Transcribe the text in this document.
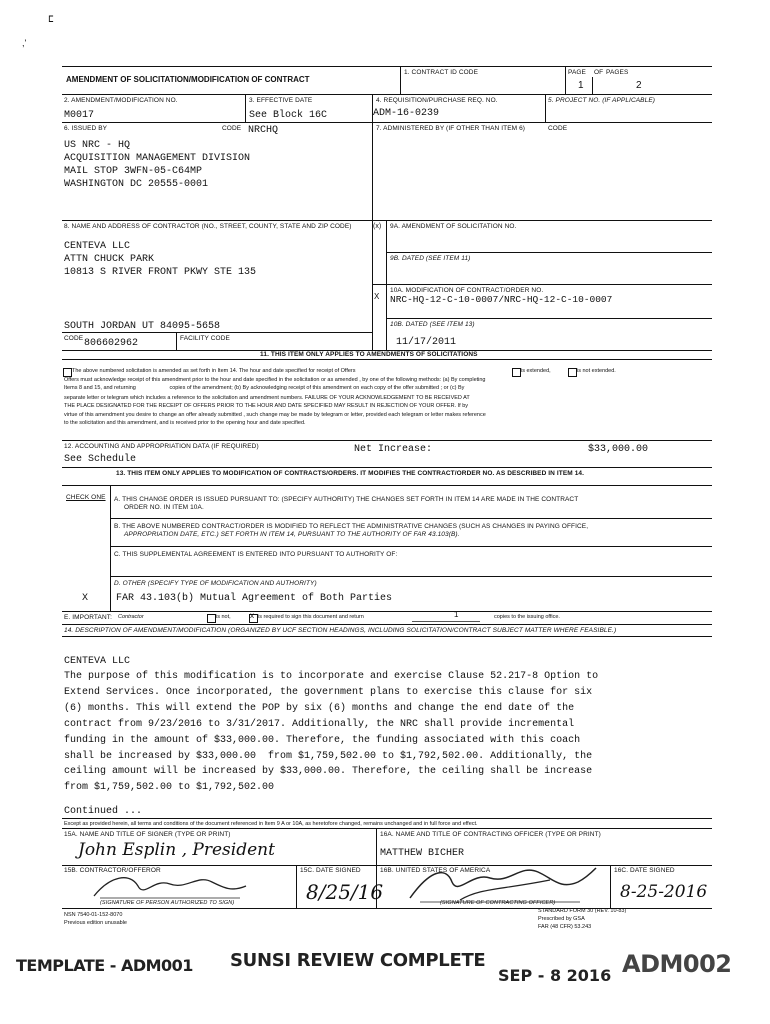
ⵎ
,'
AMENDMENT OF SOLICITATION/MODIFICATION OF CONTRACT
1. CONTRACT ID CODE	PAGE OF PAGES
1	2
2. AMENDMENT/MODIFICATION NO.
M0017
3. EFFECTIVE DATE
See Block 16C
4. REQUISITION/PURCHASE REQ. NO.
ADM-16-0239
5. PROJECT NO. (IF APPLICABLE)
6. ISSUED BY	CODE NRCHQ	7. ADMINISTERED BY (IF OTHER THAN ITEM 6)	CODE
US NRC - HQ
ACQUISITION MANAGEMENT DIVISION
MAIL STOP 3WFN-05-C64MP
WASHINGTON DC 20555-0001
8. NAME AND ADDRESS OF CONTRACTOR (NO., STREET, COUNTY, STATE AND ZIP CODE)
CENTEVA LLC
ATTN CHUCK PARK
10813 S RIVER FRONT PKWY STE 135
SOUTH JORDAN UT 84095-5658
CODE 806602962	FACILITY CODE
(x) 9A. AMENDMENT OF SOLICITATION NO.
9B. DATED (SEE ITEM 11)
X
10A. MODIFICATION OF CONTRACT/ORDER NO.
NRC-HQ-12-C-10-0007/NRC-HQ-12-C-10-0007
10B. DATED (SEE ITEM 13)
11/17/2011
11. THIS ITEM ONLY APPLIES TO AMENDMENTS OF SOLICITATIONS
The above numbered solicitation is amended as set forth in Item 14. The hour and date specified for receipt of Offers	is extended,	is not extended.
Offers must acknowledge receipt of this amendment prior to the hour and date specified in the solicitation or as amended , by one of the following methods: (a) By completing
Items 8 and 15, and returning                      copies of the amendment; (b) By acknowledging receipt of this amendment on each copy of the offer submitted ; or (c) By
separate letter or telegram which includes a reference to the solicitation and amendment numbers. FAILURE OF YOUR ACKNOWLEDGEMENT TO BE RECEIVED AT
THE PLACE DESIGNATED FOR THE RECEIPT OF OFFERS PRIOR TO THE HOUR AND DATE SPECIFIED MAY RESULT IN REJECTION OF YOUR OFFER. If by
virtue of this amendment you desire to change an offer already submitted , such change may be made by telegram or letter, provided each telegram or letter makes reference
to the solicitation and this amendment, and is received prior to the opening hour and date specified.
12. ACCOUNTING AND APPROPRIATION DATA (IF REQUIRED)	Net Increase:	$33,000.00
See Schedule
13. THIS ITEM ONLY APPLIES TO MODIFICATION OF CONTRACTS/ORDERS. IT MODIFIES THE CONTRACT/ORDER NO. AS DESCRIBED IN ITEM 14.
CHECK ONE A. THIS CHANGE ORDER IS ISSUED PURSUANT TO: (SPECIFY AUTHORITY) THE CHANGES SET FORTH IN ITEM 14 ARE MADE IN THE CONTRACT
ORDER NO. IN ITEM 10A.
B. THE ABOVE NUMBERED CONTRACT/ORDER IS MODIFIED TO REFLECT THE ADMINISTRATIVE CHANGES (SUCH AS CHANGES IN PAYING OFFICE,
APPROPRIATION DATE, ETC.) SET FORTH IN ITEM 14, PURSUANT TO THE AUTHORITY OF FAR 43.103(B).
C. THIS SUPPLEMENTAL AGREEMENT IS ENTERED INTO PURSUANT TO AUTHORITY OF:
D. OTHER (SPECIFY TYPE OF MODIFICATION AND AUTHORITY)
X	FAR 43.103(b) Mutual Agreement of Both Parties
E. IMPORTANT: Contractor	is not, x is required to sign this document and return	1	copies to the issuing office.
14. DESCRIPTION OF AMENDMENT/MODIFICATION (ORGANIZED BY UCF SECTION HEADINGS, INCLUDING SOLICITATION/CONTRACT SUBJECT MATTER WHERE FEASIBLE.)
CENTEVA LLC
The purpose of this modification is to incorporate and exercise Clause 52.217-8 Option to
Extend Services. Once incorporated, the government plans to exercise this clause for six
(6) months. This will extend the POP by six (6) months and change the end date of the
contract from 9/23/2016 to 3/31/2017. Additionally, the NRC shall provide incremental
funding in the amount of $33,000.00. Therefore, the funding associated with this coach
shall be increased by $33,000.00  from $1,759,502.00 to $1,792,502.00. Additionally, the
ceiling amount will be increased by $33,000.00. Therefore, the ceiling shall be increase
from $1,759,502.00 to $1,792,502.00
Continued ...
Except as provided herein, all terms and conditions of the document referenced in Item 9 A or 10A, as heretofore changed, remains unchanged and in full force and effect.
15A. NAME AND TITLE OF SIGNER (TYPE OR PRINT)
John Esplin , President
16A. NAME AND TITLE OF CONTRACTING OFFICER (TYPE OR PRINT)
MATTHEW BICHER
15B. CONTRACTOR/OFFEROR	15C. DATE SIGNED
8/25/16
(SIGNATURE OF PERSON AUTHORIZED TO SIGN)
16B. UNITED STATES OF AMERICA	16C. DATE SIGNED
8-25-2016
(SIGNATURE OF CONTRACTING OFFICER)
NSN 7540-01-152-8070
Previous edition unusable
STANDARD FORM 30 (REV. 10-83)
Prescribed by GSA
FAR (48 CFR) 53.243
TEMPLATE - ADM001 SUNSI REVIEW COMPLETE
SEP - 8 2016 ADM002
